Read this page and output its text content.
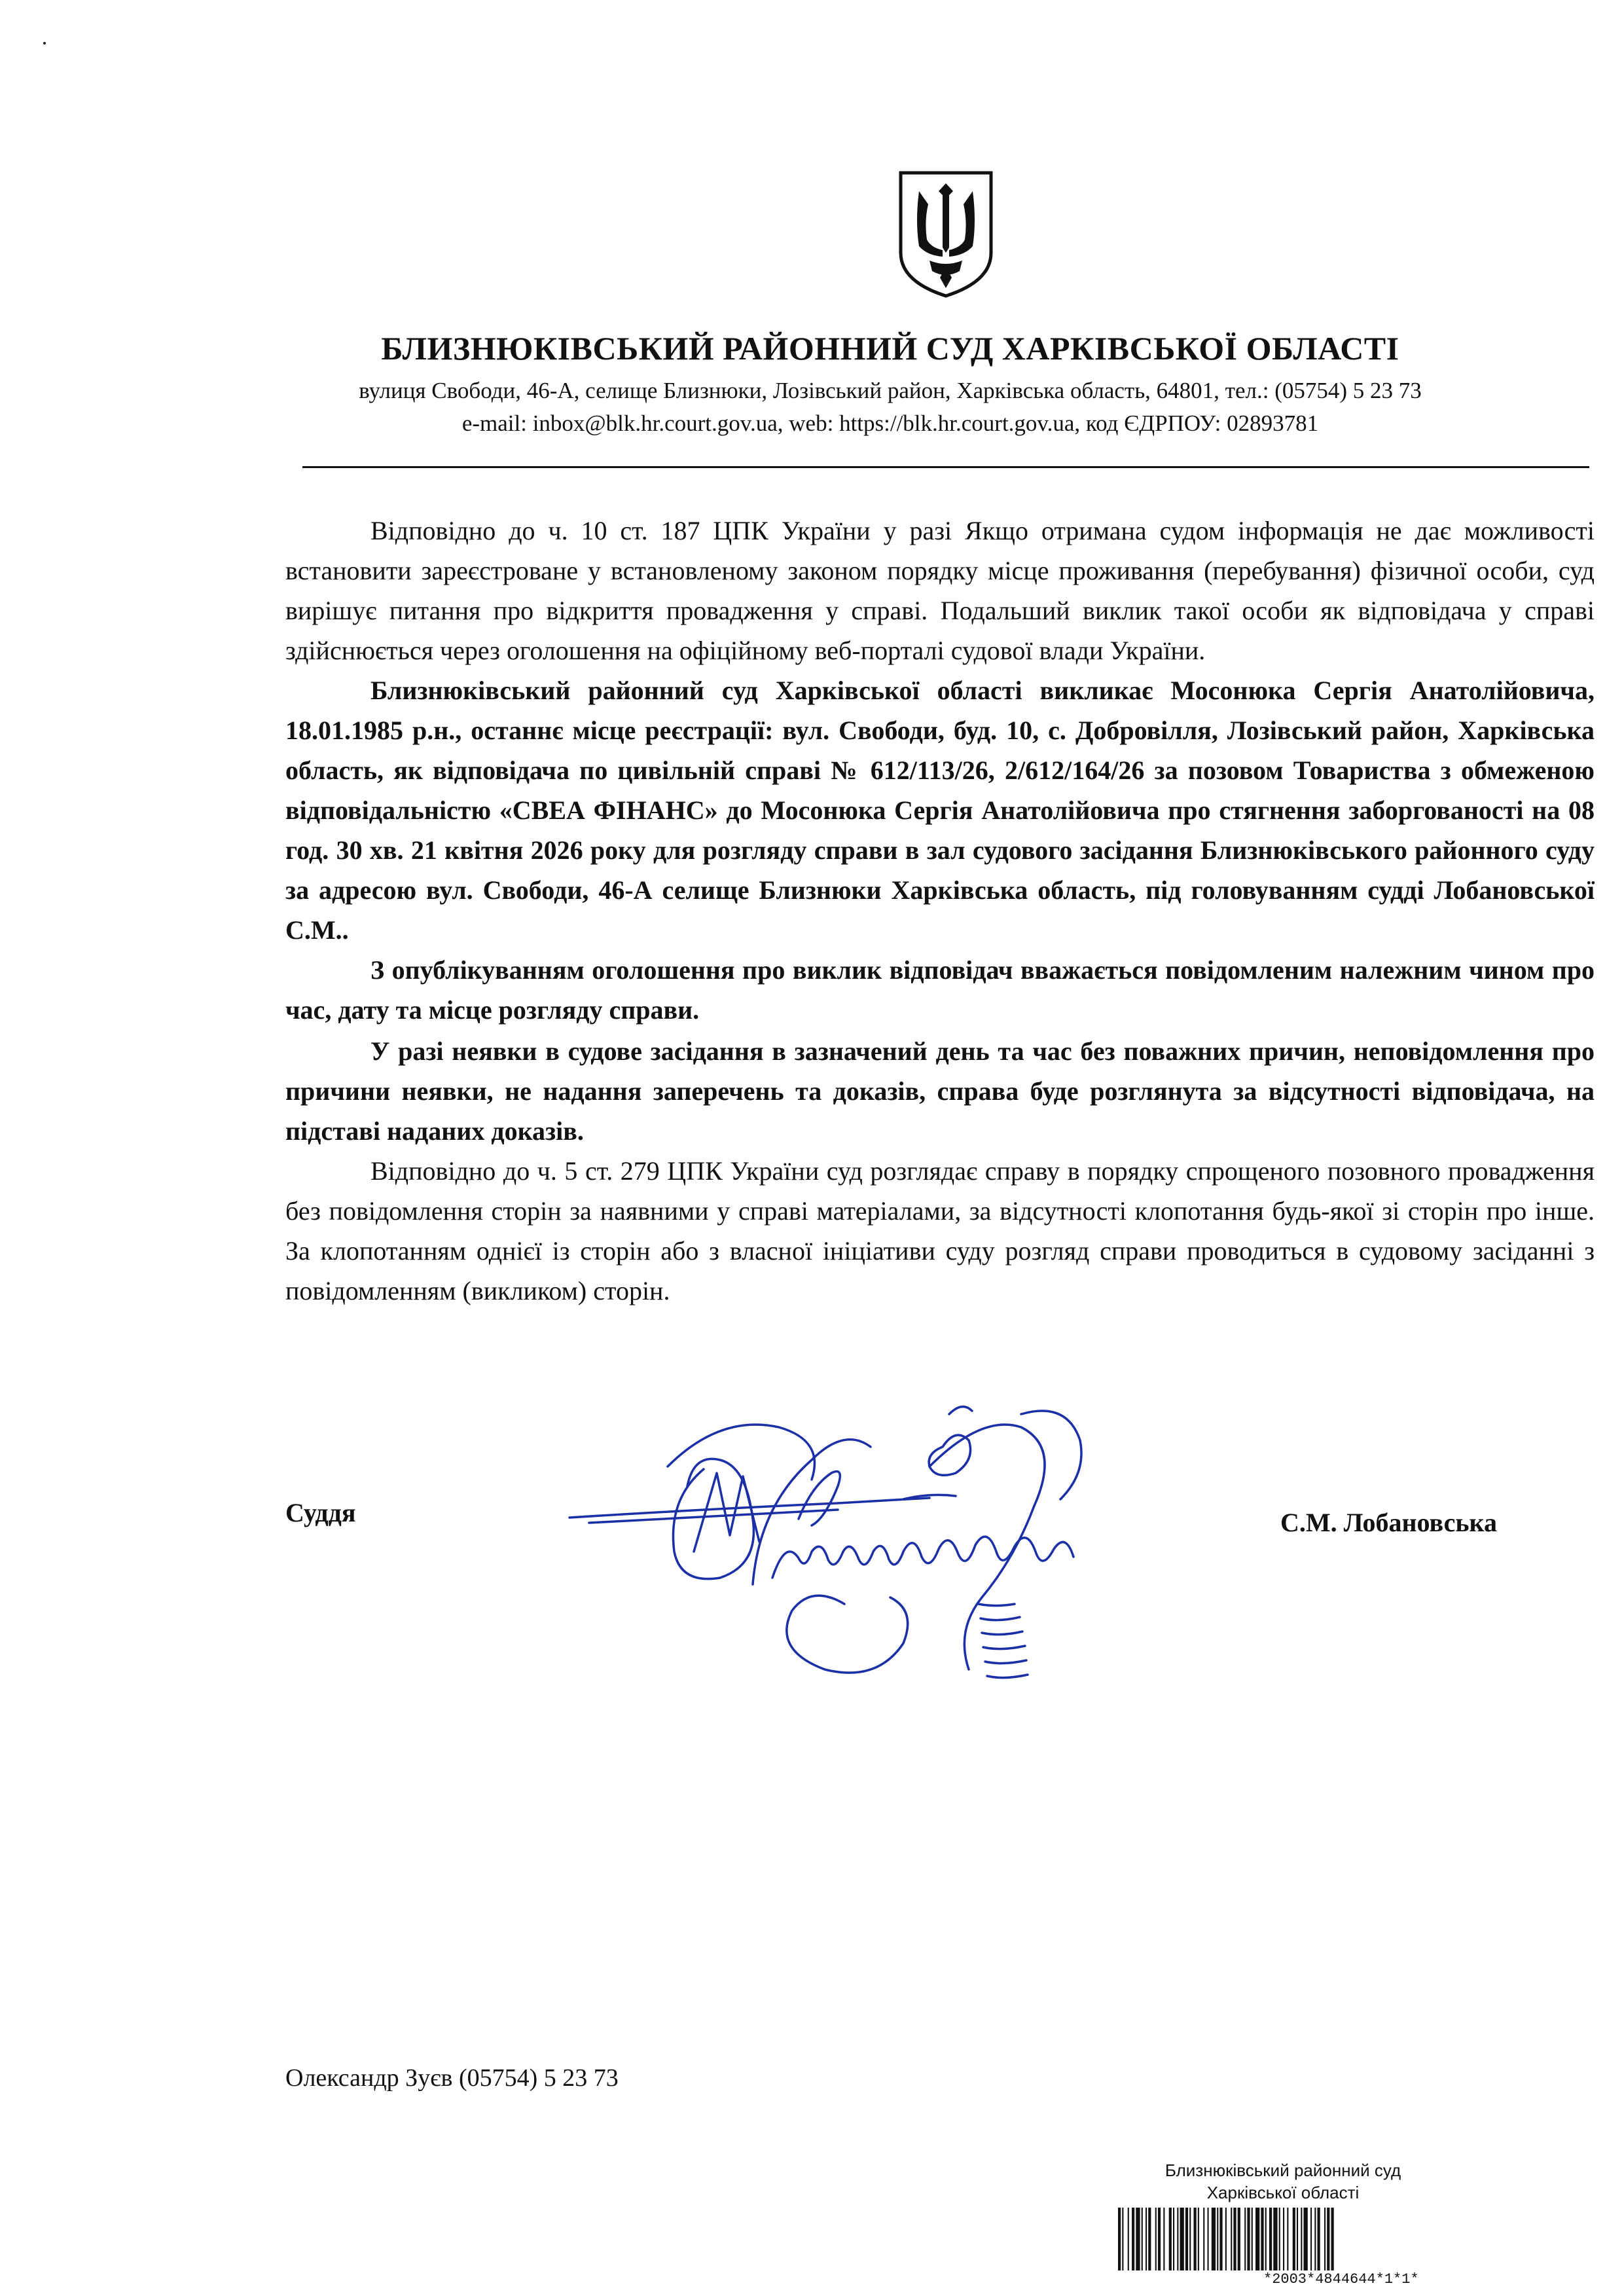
БЛИЗНЮКІВСЬКИЙ РАЙОННИЙ СУД ХАРКІВСЬКОЇ ОБЛАСТІ

вулиця Свободи, 46-А, селище Близнюки, Лозівський район, Харківська область, 64801, тел.: (05754) 5 23 73

e-mail: inbox@blk.hr.court.gov.ua, web: https://blk.hr.court.gov.ua, код ЄДРПОУ: 02893781

Відповідно до ч. 10 ст. 187 ЦПК України у разі Якщо отримана судом інформація не дає можливості встановити зареєстроване у встановленому законом порядку місце проживання (перебування) фізичної особи, суд вирішує питання про відкриття провадження у справі. Подальший виклик такої особи як відповідача у справі здійснюється через оголошення на офіційному веб-порталі судової влади України.

Близнюківський районний суд Харківської області викликає Мосонюка Сергія Анатолійовича, 18.01.1985 р.н., останнє місце реєстрації: вул. Свободи, буд. 10, с. Добровілля, Лозівський район, Харківська область, як відповідача по цивільній справі № 612/113/26, 2/612/164/26 за позовом Товариства з обмеженою відповідальністю «СВЕА ФІНАНС» до Мосонюка Сергія Анатолійовича про стягнення заборгованості на 08 год. 30 хв. 21 квітня 2026 року для розгляду справи в зал судового засідання Близнюківського районного суду за адресою вул. Свободи, 46-А селище Близнюки Харківська область, під головуванням судді Лобановської С.М..

З опублікуванням оголошення про виклик відповідач вважається повідомленим належним чином про час, дату та місце розгляду справи.

У разі неявки в судове засідання в зазначений день та час без поважних причин, неповідомлення про причини неявки, не надання заперечень та доказів, справа буде розглянута за відсутності відповідача, на підставі наданих доказів.

Відповідно до ч. 5 ст. 279 ЦПК України суд розглядає справу в порядку спрощеного позовного провадження без повідомлення сторін за наявними у справі матеріалами, за відсутності клопотання будь-якої зі сторін про інше. За клопотанням однієї із сторін або з власної ініціативи суду розгляд справи проводиться в судовому засіданні з повідомленням (викликом) сторін.

Суддя	С.М. Лобановська

Олександр Зуєв (05754) 5 23 73

Близнюківський районний суд

Харківської області

*2003*4844644*1*1*
